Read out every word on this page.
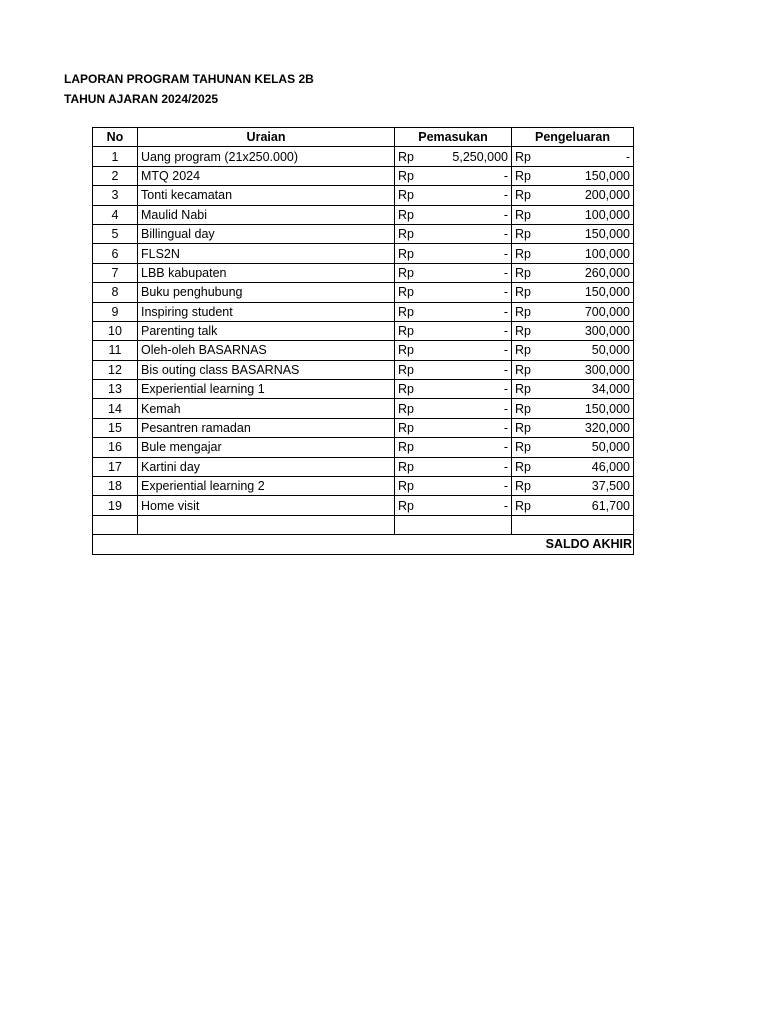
LAPORAN PROGRAM TAHUNAN KELAS 2B
TAHUN AJARAN 2024/2025
No	Uraian	Pemasukan	Pengeluaran
1	Uang program (21x250.000)	Rp 5,250,000	Rp -

2	MTQ 2024	Rp -	Rp 150,000

3	Tonti kecamatan	Rp -	Rp 200,000

4	Maulid Nabi	Rp -	Rp 100,000

5	Billingual day	Rp -	Rp 150,000

6	FLS2N	Rp -	Rp 100,000

7	LBB kabupaten	Rp -	Rp 260,000

8	Buku penghubung	Rp -	Rp 150,000

9	Inspiring student	Rp -	Rp 700,000

10	Parenting talk	Rp -	Rp 300,000

11	Oleh-oleh BASARNAS	Rp -	Rp 50,000

12	Bis outing class BASARNAS	Rp -	Rp 300,000

13	Experiential learning 1	Rp -	Rp 34,000

14	Kemah	Rp -	Rp 150,000

15	Pesantren ramadan	Rp -	Rp 320,000

16	Bule mengajar	Rp -	Rp 50,000

17	Kartini day	Rp -	Rp 46,000

18	Experiential learning 2	Rp -	Rp 37,500

19	Home visit	Rp -	Rp 61,700

SALDO AKHIR			
